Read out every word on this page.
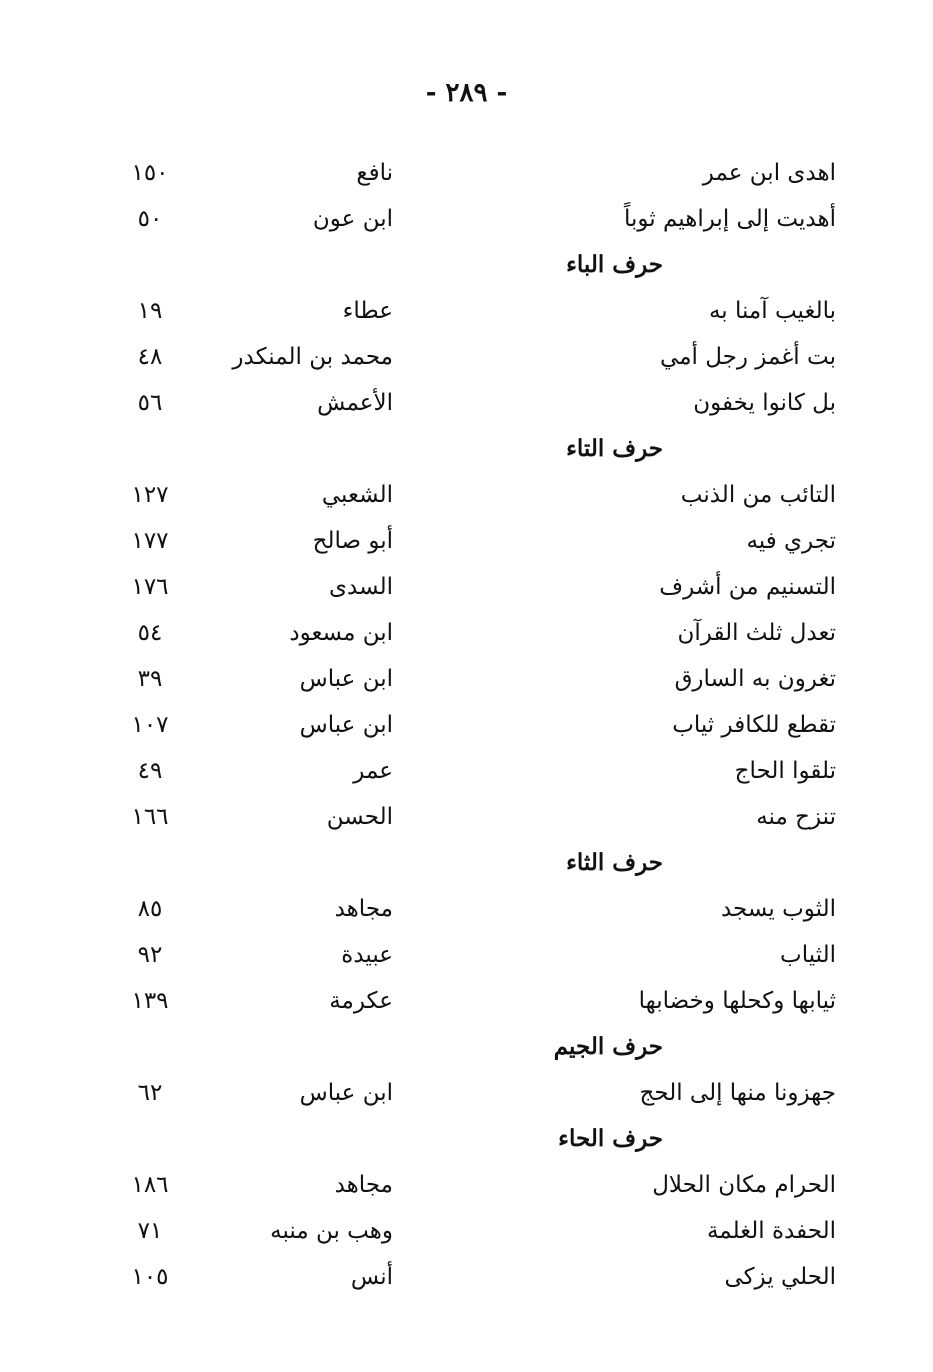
- ٢٨٩ -
اهدى ابن عمر
نافع
١٥٠
أهديت إلى إبراهيم ثوباً
ابن عون
٥٠
حرف الباء
بالغيب آمنا به
عطاء
١٩
بت أغمز رجل أمي
محمد بن المنكدر
٤٨
بل كانوا يخفون
الأعمش
٥٦
حرف التاء
التائب من الذنب
الشعبي
١٢٧
تجري فيه
أبو صالح
١٧٧
التسنيم من أشرف
السدى
١٧٦
تعدل ثلث القرآن
ابن مسعود
٥٤
تغرون به السارق
ابن عباس
٣٩
تقطع للكافر ثياب
ابن عباس
١٠٧
تلقوا الحاج
عمر
٤٩
تنزح منه
الحسن
١٦٦
حرف الثاء
الثوب يسجد
مجاهد
٨٥
الثياب
عبيدة
٩٢
ثيابها وكحلها وخضابها
عكرمة
١٣٩
حرف الجيم
جهزونا منها إلى الحج
ابن عباس
٦٢
حرف الحاء
الحرام مكان الحلال
مجاهد
١٨٦
الحفدة الغلمة
وهب بن منبه
٧١
الحلي يزكى
أنس
١٠٥
